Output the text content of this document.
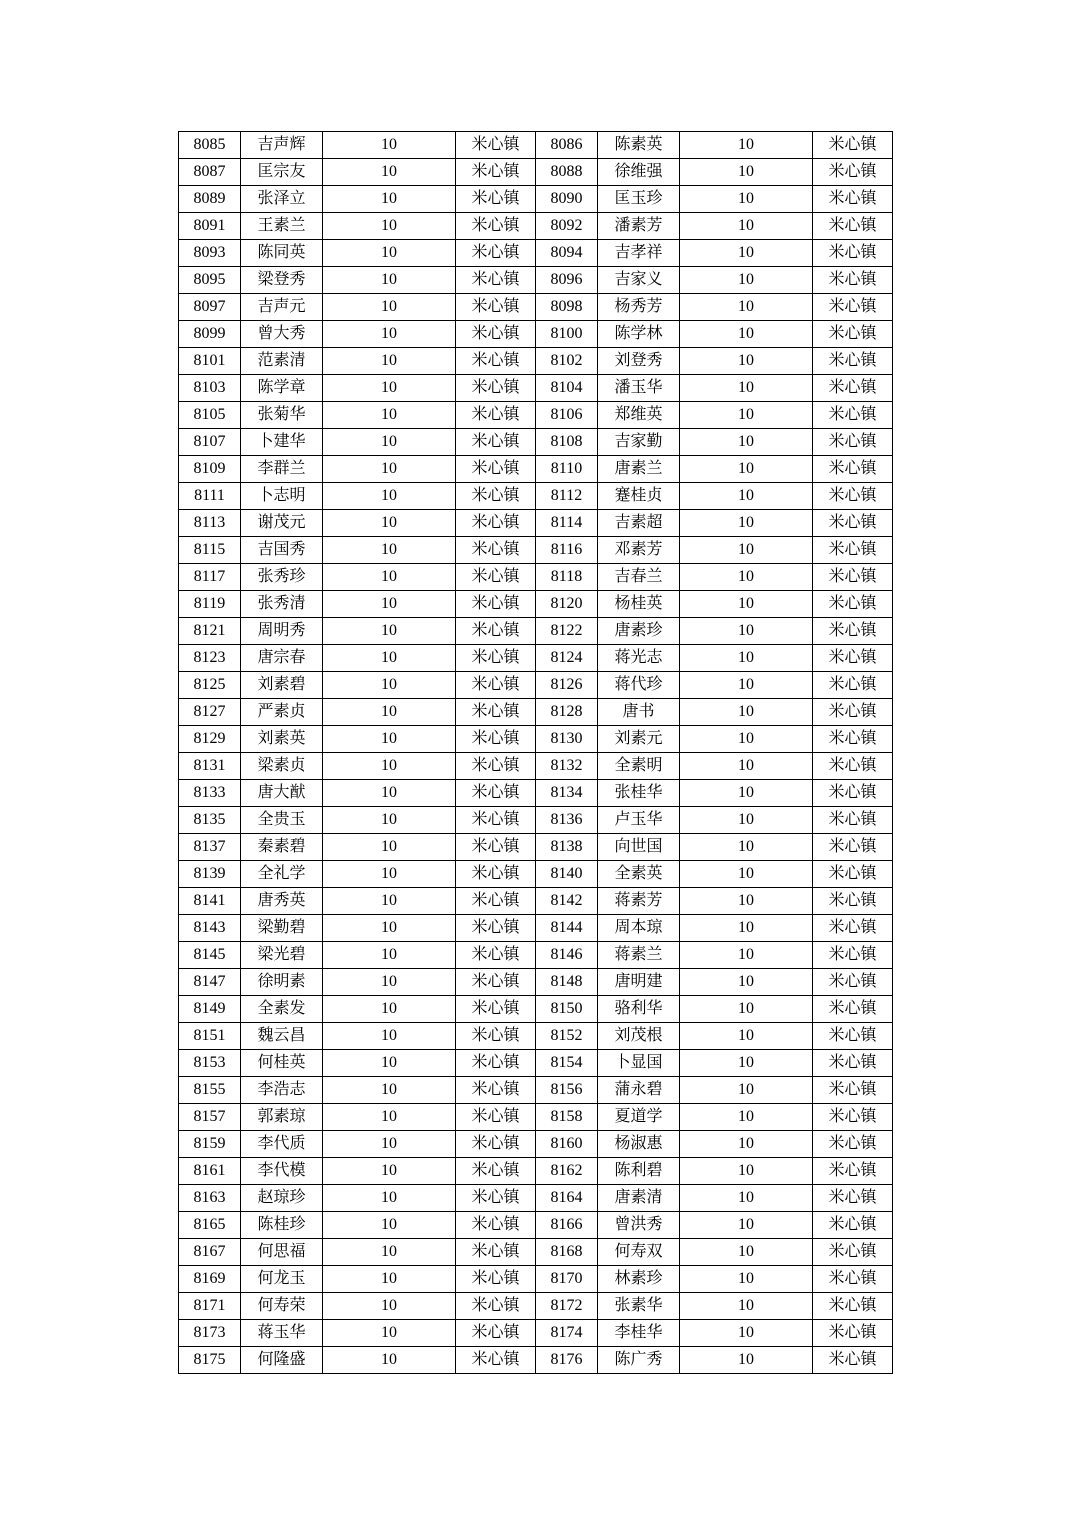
8085	吉声辉	10	米心镇	8086	陈素英	10	米心镇
8087	匡宗友	10	米心镇	8088	徐维强	10	米心镇
8089	张泽立	10	米心镇	8090	匡玉珍	10	米心镇
8091	王素兰	10	米心镇	8092	潘素芳	10	米心镇
8093	陈同英	10	米心镇	8094	吉孝祥	10	米心镇
8095	梁登秀	10	米心镇	8096	吉家义	10	米心镇
8097	吉声元	10	米心镇	8098	杨秀芳	10	米心镇
8099	曾大秀	10	米心镇	8100	陈学林	10	米心镇
8101	范素清	10	米心镇	8102	刘登秀	10	米心镇
8103	陈学章	10	米心镇	8104	潘玉华	10	米心镇
8105	张菊华	10	米心镇	8106	郑维英	10	米心镇
8107	卜建华	10	米心镇	8108	吉家勤	10	米心镇
8109	李群兰	10	米心镇	8110	唐素兰	10	米心镇
8111	卜志明	10	米心镇	8112	蹇桂贞	10	米心镇
8113	谢茂元	10	米心镇	8114	吉素超	10	米心镇
8115	吉国秀	10	米心镇	8116	邓素芳	10	米心镇
8117	张秀珍	10	米心镇	8118	吉春兰	10	米心镇
8119	张秀清	10	米心镇	8120	杨桂英	10	米心镇
8121	周明秀	10	米心镇	8122	唐素珍	10	米心镇
8123	唐宗春	10	米心镇	8124	蒋光志	10	米心镇
8125	刘素碧	10	米心镇	8126	蒋代珍	10	米心镇
8127	严素贞	10	米心镇	8128	唐书	10	米心镇
8129	刘素英	10	米心镇	8130	刘素元	10	米心镇
8131	梁素贞	10	米心镇	8132	全素明	10	米心镇
8133	唐大猷	10	米心镇	8134	张桂华	10	米心镇
8135	全贵玉	10	米心镇	8136	卢玉华	10	米心镇
8137	秦素碧	10	米心镇	8138	向世国	10	米心镇
8139	全礼学	10	米心镇	8140	全素英	10	米心镇
8141	唐秀英	10	米心镇	8142	蒋素芳	10	米心镇
8143	梁勤碧	10	米心镇	8144	周本琼	10	米心镇
8145	梁光碧	10	米心镇	8146	蒋素兰	10	米心镇
8147	徐明素	10	米心镇	8148	唐明建	10	米心镇
8149	全素发	10	米心镇	8150	骆利华	10	米心镇
8151	魏云昌	10	米心镇	8152	刘茂根	10	米心镇
8153	何桂英	10	米心镇	8154	卜显国	10	米心镇
8155	李浩志	10	米心镇	8156	蒲永碧	10	米心镇
8157	郭素琼	10	米心镇	8158	夏道学	10	米心镇
8159	李代质	10	米心镇	8160	杨淑惠	10	米心镇
8161	李代模	10	米心镇	8162	陈利碧	10	米心镇
8163	赵琼珍	10	米心镇	8164	唐素清	10	米心镇
8165	陈桂珍	10	米心镇	8166	曾洪秀	10	米心镇
8167	何思福	10	米心镇	8168	何寿双	10	米心镇
8169	何龙玉	10	米心镇	8170	林素珍	10	米心镇
8171	何寿荣	10	米心镇	8172	张素华	10	米心镇
8173	蒋玉华	10	米心镇	8174	李桂华	10	米心镇
8175	何隆盛	10	米心镇	8176	陈广秀	10	米心镇
